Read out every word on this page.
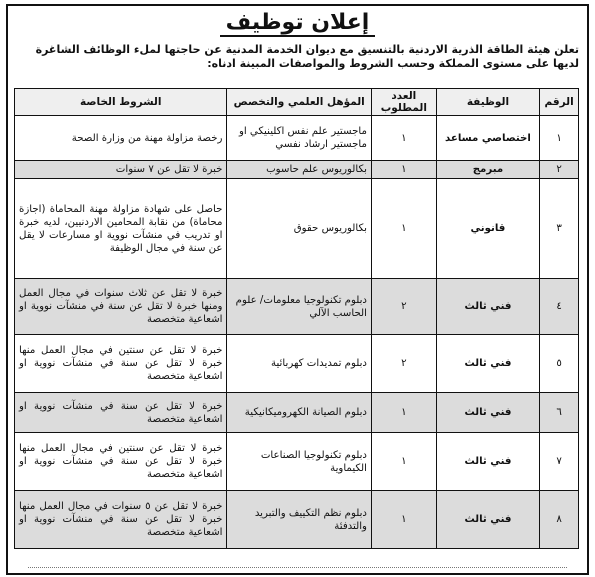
إعلان توظيف
تعلن هيئة الطاقة الذرية الاردنية بالتنسيق مع ديوان الخدمة المدنية عن حاجتها لملء الوظائف الشاغرة لديها على مستوى المملكة وحسب الشروط والمواصفات المبينة ادناه:
الرقم	الوظيفة	العدد المطلوب	المؤهل العلمي والتخصص	الشروط الخاصة
١	اختصاصي مساعد	١	ماجستير علم نفس اكلينيكي او ماجستير ارشاد نفسي	رخصة مزاولة مهنة من وزارة الصحة
٢	مبرمج	١	بكالوريوس علم حاسوب	خبرة لا تقل عن ٧ سنوات
٣	قانوني	١	بكالوريوس حقوق	حاصل على شهادة مزاولة مهنة المحاماة (اجازة محاماة) من نقابة المحامين الاردنيين، لديه خبرة او تدريب في منشآت نووية او مسارعات لا يقل عن سنة في مجال الوظيفة
٤	فني ثالث	٢	دبلوم تكنولوجيا معلومات/ علوم الحاسب الآلي	خبرة لا تقل عن ثلاث سنوات في مجال العمل ومنها خبرة لا تقل عن سنة في منشآت نووية او اشعاعية متخصصة
٥	فني ثالث	٢	دبلوم تمديدات كهربائية	خبرة لا تقل عن سنتين في مجال العمل منها خبرة لا تقل عن سنة في منشآت نووية او اشعاعية متخصصة
٦	فني ثالث	١	دبلوم الصيانة الكهروميكانيكية	خبرة لا تقل عن سنة في منشآت نووية او اشعاعية متخصصة
٧	فني ثالث	١	دبلوم تكنولوجيا الصناعات الكيماوية	خبرة لا تقل عن سنتين في مجال العمل منها خبرة لا تقل عن سنة في منشآت نووية او اشعاعية متخصصة
٨	فني ثالث	١	دبلوم نظم التكييف والتبريد والتدفئة	خبرة لا تقل عن ٥ سنوات في مجال العمل منها خبرة لا تقل عن سنة في منشآت نووية او اشعاعية متخصصة
